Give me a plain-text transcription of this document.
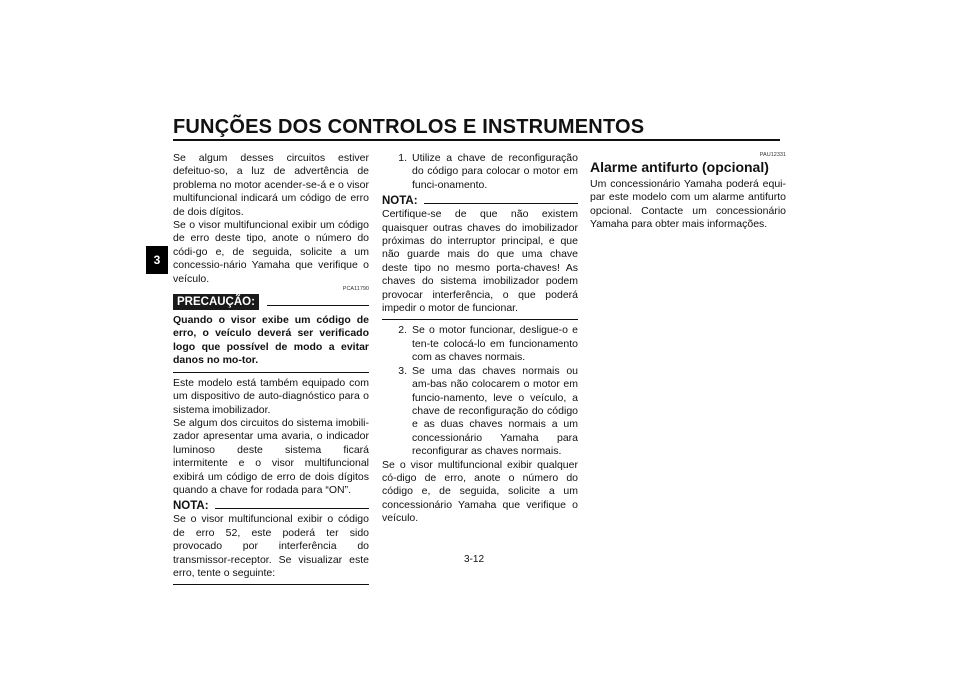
FUNÇÕES DOS CONTROLOS E INSTRUMENTOS
3

Se algum desses circuitos estiver defeituo-so, a luz de advertência de problema no motor acender-se-á e o visor multifuncional indicará um código de erro de dois dígitos.

Se o visor multifuncional exibir um código de erro deste tipo, anote o número do códi-go e, de seguida, solicite a um concessio-nário Yamaha que verifique o veículo.

PCA11790

PRECAUÇÃO:

Quando o visor exibe um código de erro, o veículo deverá ser verificado logo que possível de modo a evitar danos no mo-tor.

Este modelo está também equipado com um dispositivo de auto-diagnóstico para o sistema imobilizador.

Se algum dos circuitos do sistema imobili-zador apresentar uma avaria, o indicador luminoso deste sistema ficará intermitente e o visor multifuncional exibirá um código de erro de dois dígitos quando a chave for rodada para “ON”.

NOTA:

Se o visor multifuncional exibir o código de erro 52, este poderá ter sido provocado por interferência do transmissor-receptor. Se visualizar este erro, tente o seguinte:

1. Utilize a chave de reconfiguração do código para colocar o motor em funci-onamento.
NOTA:

Certifique-se de que não existem quaisquer outras chaves do imobilizador próximas do interruptor principal, e que não guarde mais do que uma chave deste tipo no mesmo porta-chaves! As chaves do sistema imobilizador podem provocar interferência, o que poderá impedir o motor de funcionar.

2. Se o motor funcionar, desligue-o e ten-te colocá-lo em funcionamento com as chaves normais.
3. Se uma das chaves normais ou am-bas não colocarem o motor em funcio-namento, leve o veículo, a chave de reconfiguração do código e as duas chaves normais a um concessionário Yamaha para reconfigurar as chaves normais.

Se o visor multifuncional exibir qualquer có-digo de erro, anote o número do código e, de seguida, solicite a um concessionário Yamaha que verifique o veículo.

PAU12331

Alarme antifurto (opcional)

Um concessionário Yamaha poderá equi-par este modelo com um alarme antifurto opcional. Contacte um concessionário Yamaha para obter mais informações.

3-12
